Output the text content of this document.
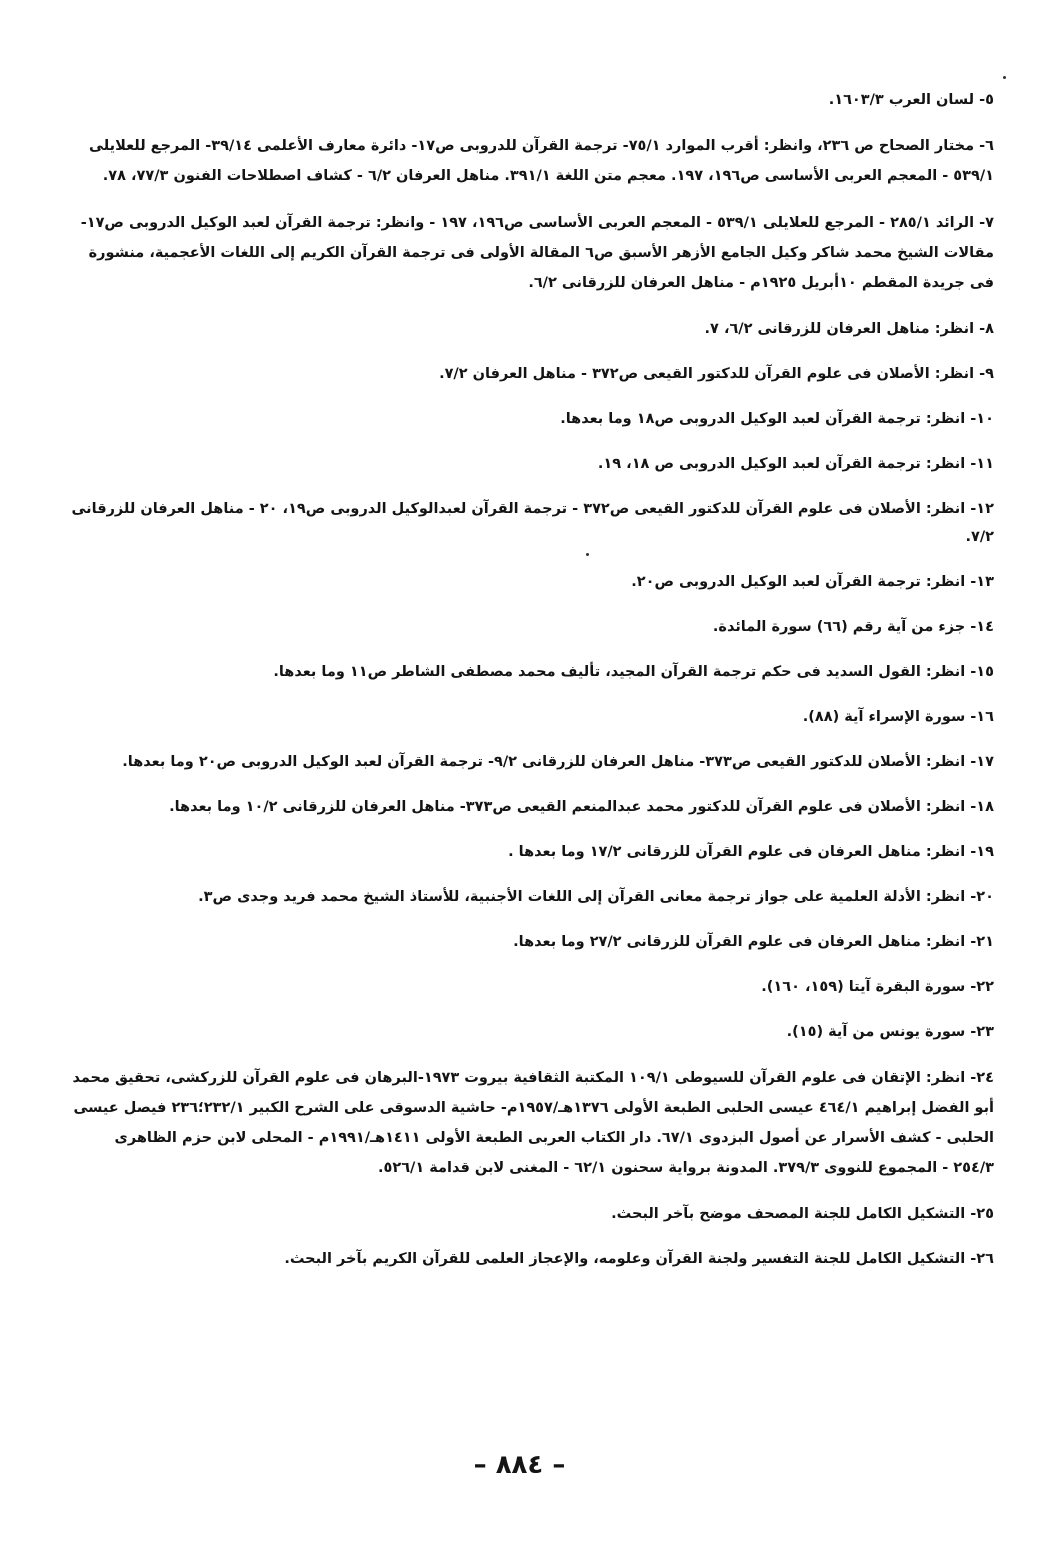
٥- لسان العرب ١٦٠٣/٣.

٦- مختار الصحاح ص ٢٣٦، وانظر: أقرب الموارد ٧٥/١- ترجمة القرآن للدروبى ص١٧- دائرة معارف الأعلمى ٣٩/١٤- المرجع للعلايلى ٥٣٩/١ - المعجم العربى الأساسى ص١٩٦، ١٩٧. معجم متن اللغة ٣٩١/١. مناهل العرفان ٦/٢ - كشاف اصطلاحات الفنون ٧٧/٣، ٧٨.

٧- الرائد ٢٨٥/١ - المرجع للعلايلى ٥٣٩/١ - المعجم العربى الأساسى ص١٩٦، ١٩٧ - وانظر: ترجمة القرآن لعبد الوكيل الدروبى ص١٧- مقالات الشيخ محمد شاكر وكيل الجامع الأزهر الأسبق ص٦ المقالة الأولى فى ترجمة القرآن الكريم إلى اللغات الأعجمية، منشورة فى جريدة المقطم ١٠أبريل ١٩٢٥م - مناهل العرفان للزرقانى ٦/٢.

٨- انظر: مناهل العرفان للزرقانى ٦/٢، ٧.

٩- انظر: الأصلان فى علوم القرآن للدكتور القيعى ص٣٧٢ - مناهل العرفان ٧/٢.

١٠- انظر: ترجمة القرآن لعبد الوكيل الدروبى ص١٨ وما بعدها.

١١- انظر: ترجمة القرآن لعبد الوكيل الدروبى ص ١٨، ١٩.

١٢- انظر: الأصلان فى علوم القرآن للدكتور القيعى ص٣٧٢ - ترجمة القرآن لعبدالوكيل الدروبى ص١٩، ٢٠ - مناهل العرفان للزرقانى ٧/٢.

١٣- انظر: ترجمة القرآن لعبد الوكيل الدروبى ص٢٠.

١٤- جزء من آية رقم (٦٦) سورة المائدة.

١٥- انظر: القول السديد فى حكم ترجمة القرآن المجيد، تأليف محمد مصطفى الشاطر ص١١ وما بعدها.

١٦- سورة الإسراء آية (٨٨).

١٧- انظر: الأصلان للدكتور القيعى ص٣٧٣- مناهل العرفان للزرقانى ٩/٢- ترجمة القرآن لعبد الوكيل الدروبى ص٢٠ وما بعدها.

١٨- انظر: الأصلان فى علوم القرآن للدكتور محمد عبدالمنعم القيعى ص٣٧٣- مناهل العرفان للزرقانى ١٠/٢ وما بعدها.

١٩- انظر: مناهل العرفان فى علوم القرآن للزرقانى ١٧/٢ وما بعدها .

٢٠- انظر: الأدلة العلمية على جواز ترجمة معانى القرآن إلى اللغات الأجنبية، للأستاذ الشيخ محمد فريد وجدى ص٣.

٢١- انظر: مناهل العرفان فى علوم القرآن للزرقانى ٢٧/٢ وما بعدها.

٢٢- سورة البقرة آيتا (١٥٩، ١٦٠).

٢٣- سورة يونس من آية (١٥).

٢٤- انظر: الإتقان فى علوم القرآن للسيوطى ١٠٩/١ المكتبة الثقافية بيروت ١٩٧٣-البرهان فى علوم القرآن للزركشى، تحقيق محمد أبو الفضل إبراهيم ٤٦٤/١ عيسى الحلبى الطبعة الأولى ١٣٧٦هـ/١٩٥٧م- حاشية الدسوقى على الشرح الكبير ٢٣٢/١؛٢٣٦ فيصل عيسى الحلبى - كشف الأسرار عن أصول البزدوى ٦٧/١. دار الكتاب العربى الطبعة الأولى ١٤١١هـ/١٩٩١م - المحلى لابن حزم الظاهرى ٢٥٤/٣ - المجموع للنووى ٣٧٩/٣. المدونة برواية سحنون ٦٢/١ - المغنى لابن قدامة ٥٢٦/١.

٢٥- التشكيل الكامل للجنة المصحف موضح بآخر البحث.

٢٦- التشكيل الكامل للجنة التفسير ولجنة القرآن وعلومه، والإعجاز العلمى للقرآن الكريم بآخر البحث.

– ٨٨٤ –
